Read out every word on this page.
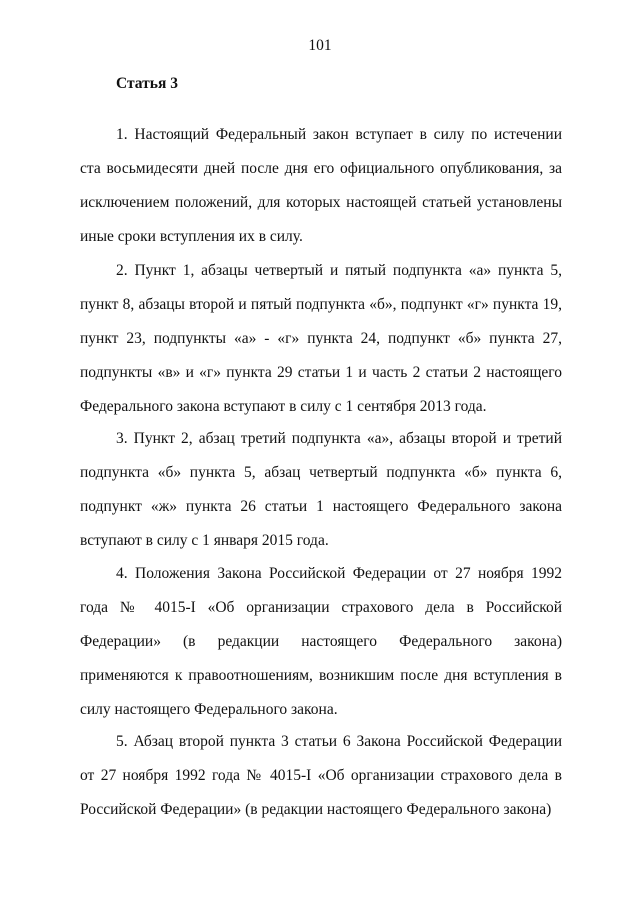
101
Статья 3

1. Настоящий Федеральный закон вступает в силу по истечении ста восьмидесяти дней после дня его официального опубликования, за исключением положений, для которых настоящей статьей установлены иные сроки вступления их в силу.

2. Пункт 1, абзацы четвертый и пятый подпункта «а» пункта 5, пункт 8, абзацы второй и пятый подпункта «б», подпункт «г» пункта 19, пункт 23, подпункты «а» - «г» пункта 24, подпункт «б» пункта 27, подпункты «в» и «г» пункта 29 статьи 1 и часть 2 статьи 2 настоящего Федерального закона вступают в силу с 1 сентября 2013 года.

3. Пункт 2, абзац третий подпункта «а», абзацы второй и третий подпункта «б» пункта 5, абзац четвертый подпункта «б» пункта 6, подпункт «ж» пункта 26 статьи 1 настоящего Федерального закона вступают в силу с 1 января 2015 года.

4. Положения Закона Российской Федерации от 27 ноября 1992 года № 4015-I «Об организации страхового дела в Российской Федерации» (в редакции настоящего Федерального закона) применяются к правоотношениям, возникшим после дня вступления в силу настоящего Федерального закона.

5. Абзац второй пункта 3 статьи 6 Закона Российской Федерации от 27 ноября 1992 года № 4015-I «Об организации страхового дела в Российской Федерации» (в редакции настоящего Федерального закона)
